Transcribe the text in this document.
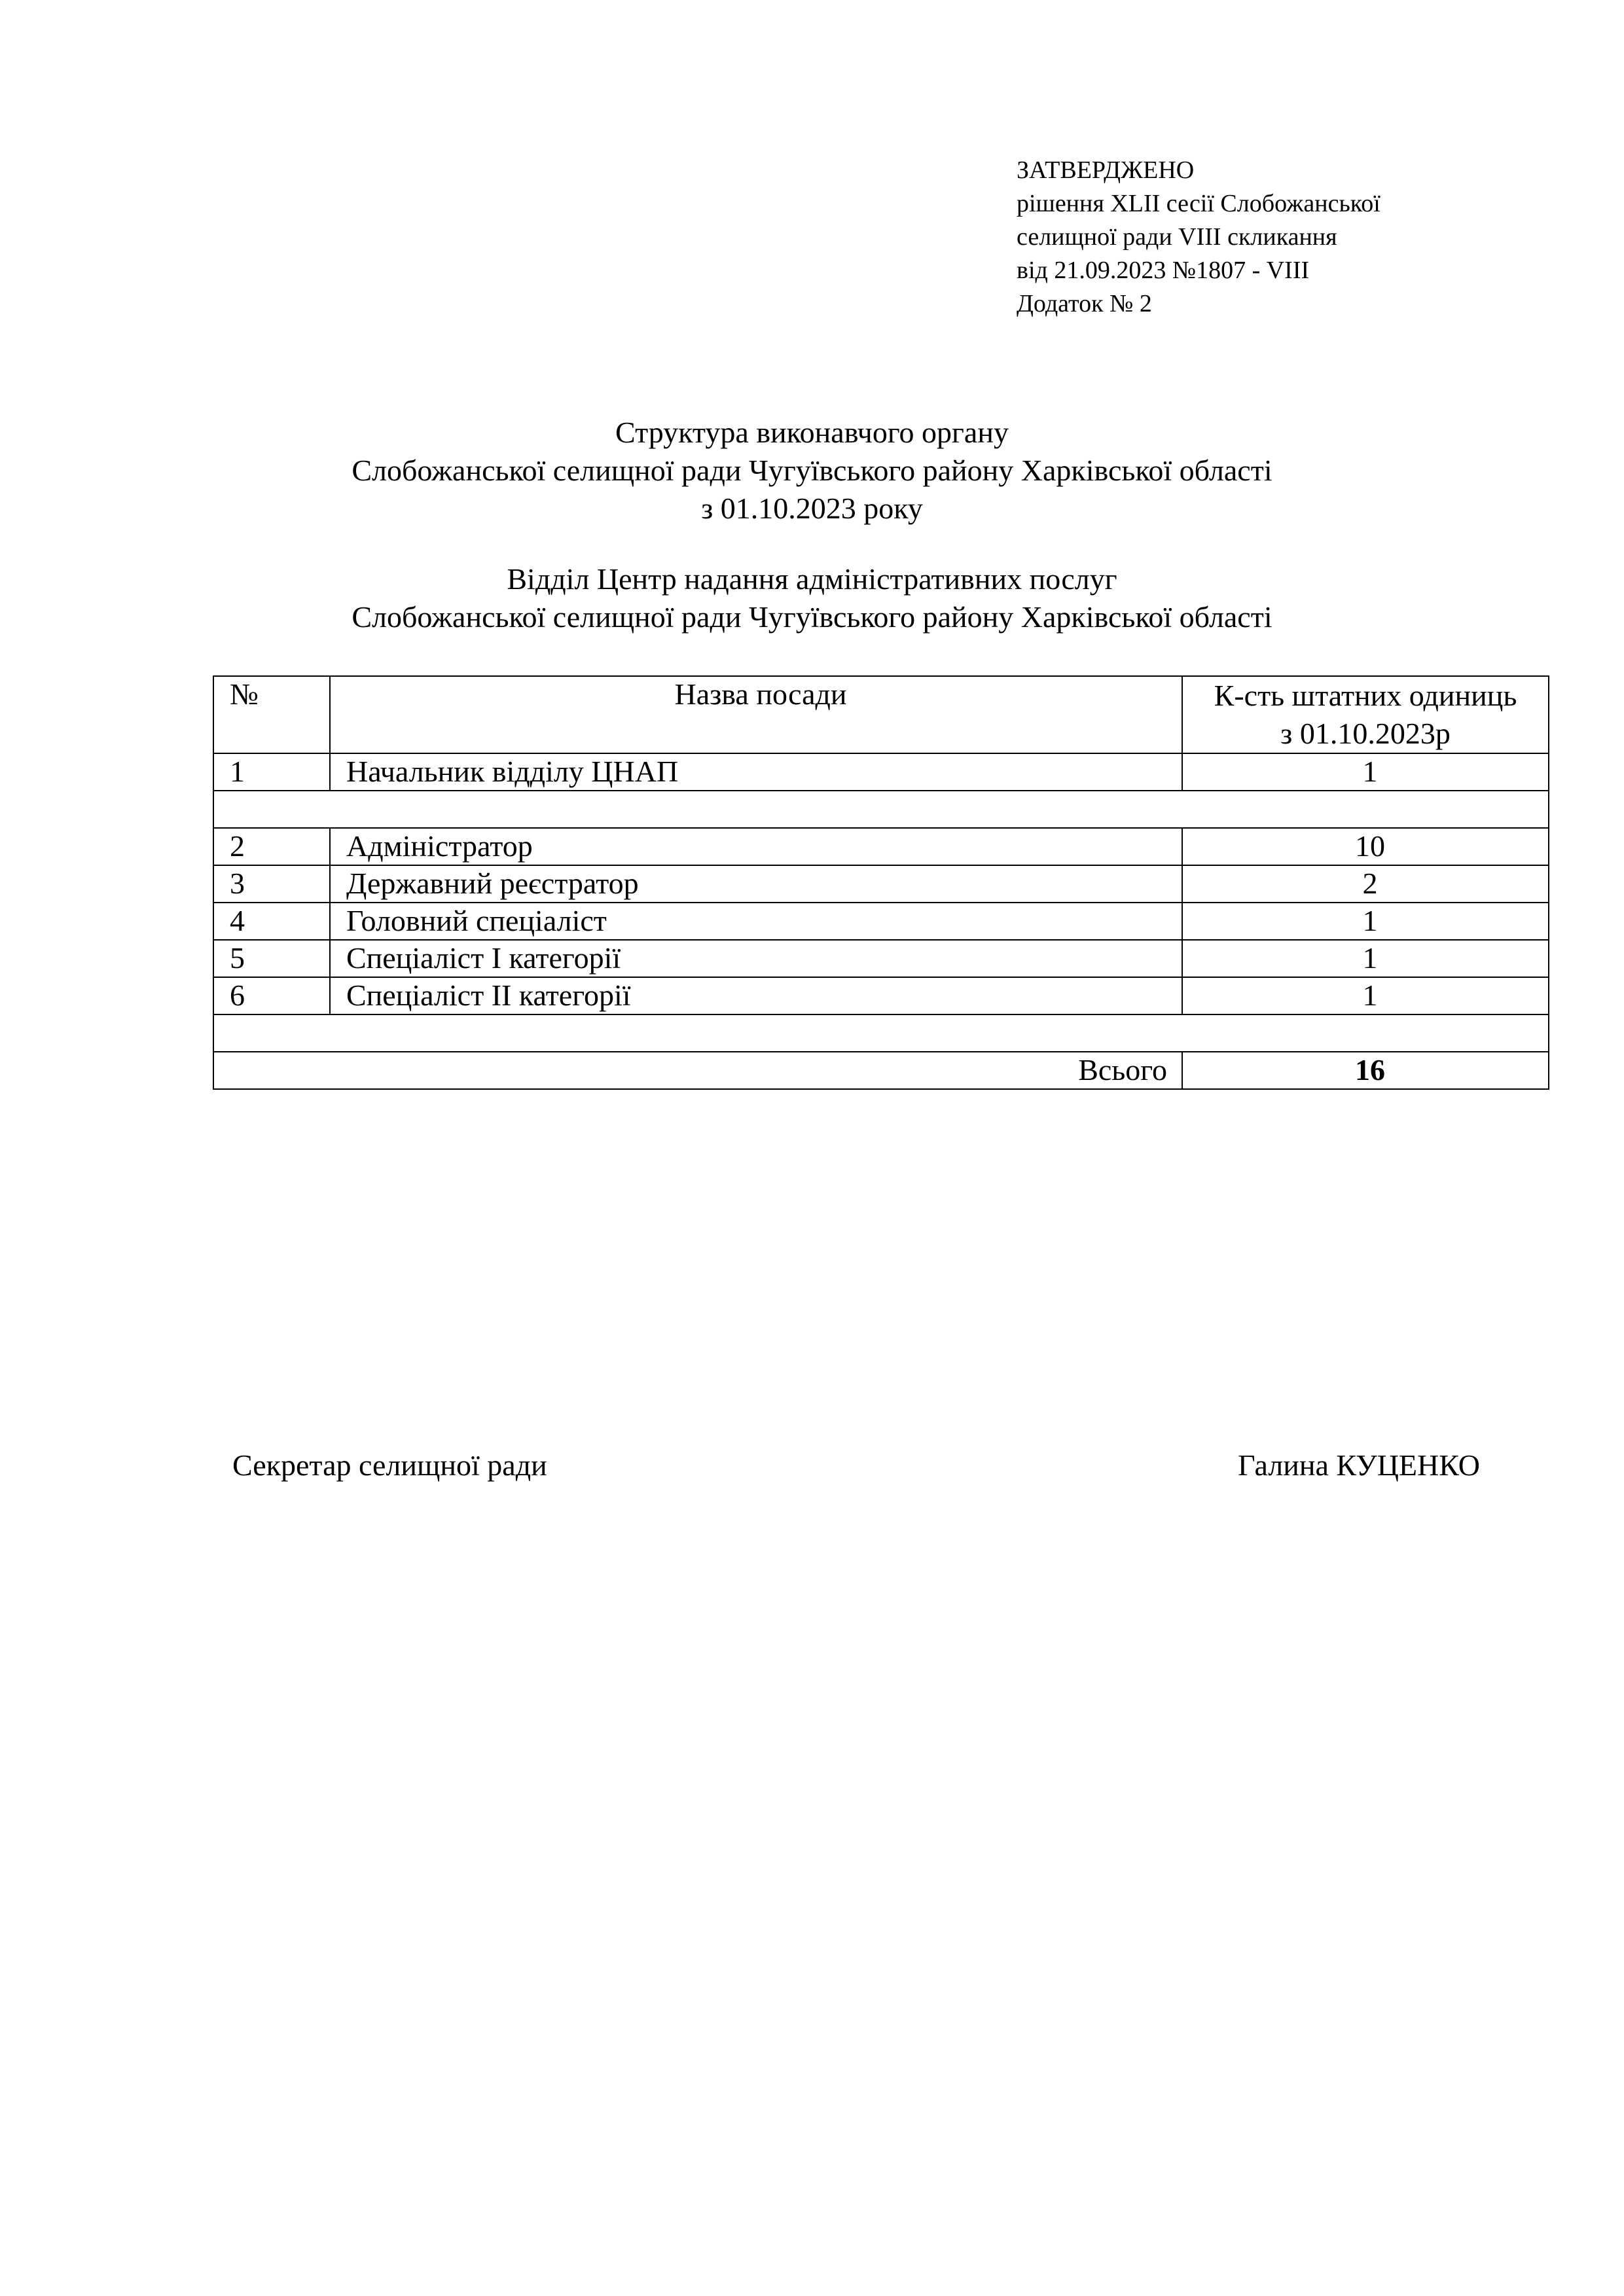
ЗАТВЕРДЖЕНО
рішення XLII сесії Слобожанської
селищної ради VIII скликання
від 21.09.2023 №1807 - VIII
Додаток № 2
Структура виконавчого органу
Слобожанської селищної ради Чугуївського району Харківської області
з 01.10.2023 року
Відділ Центр надання адміністративних послуг
Слобожанської селищної ради Чугуївського району Харківської області
№	Назва посади	К-сть штатних одиниць
з 01.10.2023р

1	Начальник відділу ЦНАП	1

2	Адміністратор	10
3	Державний реєстратор	2
4	Головний спеціаліст	1
5	Спеціаліст І категорії	1
6	Спеціаліст ІІ категорії	1

Всього		16
Секретар селищної ради	Галина КУЦЕНКО
